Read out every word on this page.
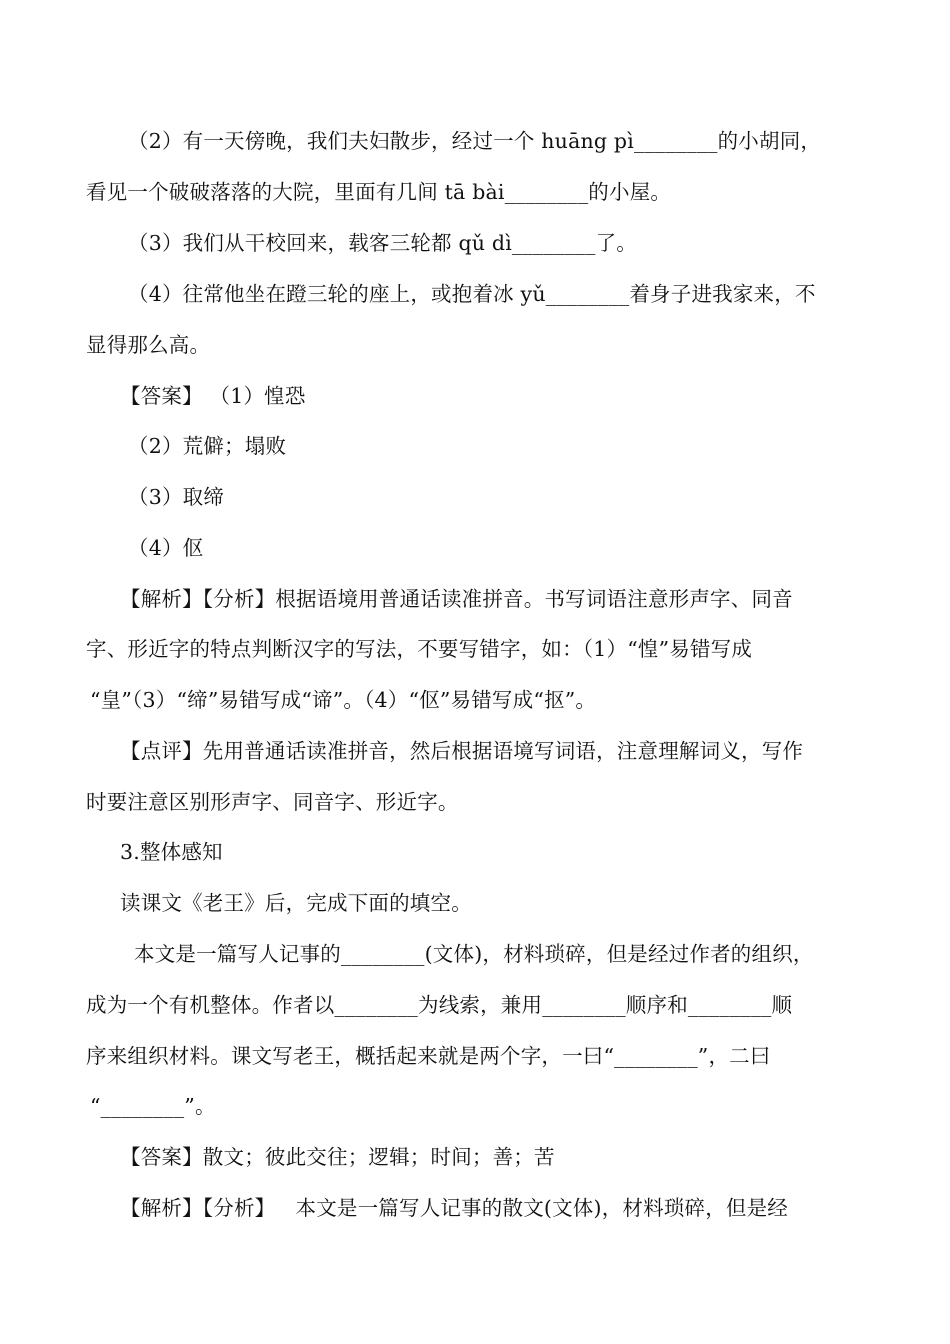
（2）有一天傍晚，我们夫妇散步，经过一个 huāng pì________的小胡同，
看见一个破破落落的大院，里面有几间 tā bài________的小屋。
（3）我们从干校回来，载客三轮都 qǔ dì________了。
（4）往常他坐在蹬三轮的座上，或抱着冰 yǔ________着身子进我家来，不
显得那么高。
【答案】 （1）惶恐
（2）荒僻；塌败
（3）取缔
（4）伛
【解析】【分析】根据语境用普通话读准拼音。书写词语注意形声字、同音
字、形近字的特点判断汉字的写法，不要写错字，如：（1）“惶”易错写成
“皇”（3）“缔”易错写成“谛”。（4）“伛”易错写成“抠”。
【点评】先用普通话读准拼音，然后根据语境写词语，注意理解词义，写作
时要注意区别形声字、同音字、形近字。
3.整体感知
读课文《老王》后，完成下面的填空。
本文是一篇写人记事的________(文体)，材料琐碎，但是经过作者的组织，
成为一个有机整体。作者以________为线索，兼用________顺序和________顺
序来组织材料。课文写老王，概括起来就是两个字，一曰“________”，二曰
“________”。
【答案】散文；彼此交往；逻辑；时间；善；苦
【解析】【分析】   本文是一篇写人记事的散文(文体)，材料琐碎，但是经
